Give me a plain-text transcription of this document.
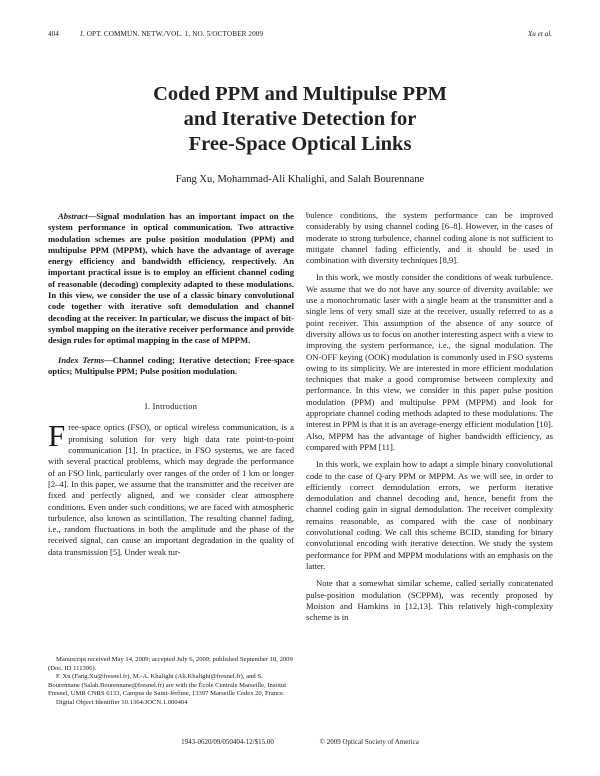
404	J. OPT. COMMUN. NETW./VOL. 1, NO. 5/OCTOBER 2009	Xu et al.
Coded PPM and Multipulse PPM
and Iterative Detection for
Free-Space Optical Links
Fang Xu, Mohammad-Ali Khalighi, and Salah Bourennane

Abstract—Signal modulation has an important impact on the system performance in optical communication. Two attractive modulation schemes are pulse position modulation (PPM) and multipulse PPM (MPPM), which have the advantage of average energy efficiency and bandwidth efficiency, respectively. An important practical issue is to employ an efficient channel coding of reasonable (decoding) complexity adapted to these modulations. In this view, we consider the use of a classic binary convolutional code together with iterative soft demodulation and channel decoding at the receiver. In particular, we discuss the impact of bit-symbol mapping on the iterative receiver performance and provide design rules for optimal mapping in the case of MPPM.

Index Terms—Channel coding; Iterative detection; Free-space optics; Multipulse PPM; Pulse position modulation.

I. Introduction

Free-space optics (FSO), or optical wireless communication, is a promising solution for very high data rate point-to-point communication [1]. In practice, in FSO systems, we are faced with several practical problems, which may degrade the performance of an FSO link, particularly over ranges of the order of 1 km or longer [2–4]. In this paper, we assume that the transmitter and the receiver are fixed and perfectly aligned, and we consider clear atmosphere conditions. Even under such conditions, we are faced with atmospheric turbulence, also known as scintillation. The resulting channel fading, i.e., random fluctuations in both the amplitude and the phase of the received signal, can cause an important degradation in the quality of data transmission [5]. Under weak tur-

bulence conditions, the system performance can be improved considerably by using channel coding [6–8]. However, in the cases of moderate to strong turbulence, channel coding alone is not sufficient to mitigate channel fading efficiently, and it should be used in combination with diversity techniques [8,9].

In this work, we mostly consider the conditions of weak turbulence. We assume that we do not have any source of diversity available: we use a monochromatic laser with a single beam at the transmitter and a single lens of very small size at the receiver, usually referred to as a point receiver. This assumption of the absence of any source of diversity allows us to focus on another interesting aspect with a view to improving the system performance, i.e., the signal modulation. The ON-OFF keying (OOK) modulation is commonly used in FSO systems owing to its simplicity. We are interested in more efficient modulation techniques that make a good compromise between complexity and performance. In this view, we consider in this paper pulse position modulation (PPM) and multipulse PPM (MPPM) and look for appropriate channel coding methods adapted to these modulations. The interest in PPM is that it is an average-energy efficient modulation [10]. Also, MPPM has the advantage of higher bandwidth efficiency, as compared with PPM [11].

In this work, we explain how to adapt a simple binary convolutional code to the case of Q-ary PPM or MPPM. As we will see, in order to efficiently correct demodulation errors, we perform iterative demodulation and channel decoding and, hence, benefit from the channel coding gain in signal demodulation. The receiver complexity remains reasonable, as compared with the case of nonbinary convolutional coding. We call this scheme BCID, standing for binary convolutional encoding with iterative detection. We study the system performance for PPM and MPPM modulations with an emphasis on the latter.

Note that a somewhat similar scheme, called serially concatenated pulse-position modulation (SCPPM), was recently proposed by Moision and Hamkins in [12,13]. This relatively high-complexity scheme is in

Manuscript received May 14, 2009; accepted July 6, 2009; published September 18, 2009 (Doc. ID 111396).

F. Xu (Fang.Xu@fresnel.fr), M.-A. Khalighi (Ali.Khalighi@fresnel.fr), and S. Bourennane (Salah.Bourennane@fresnel.fr) are with the École Centrale Marseille, Institut Fresnel, UMR CNRS 6133, Campus de Saint-Jérôme, 13397 Marseille Cedex 20, France.

Digital Object Identifier 10.1364/JOCN.1.000404

1943-0620/09/050404-12/$15.00	© 2009 Optical Society of America
